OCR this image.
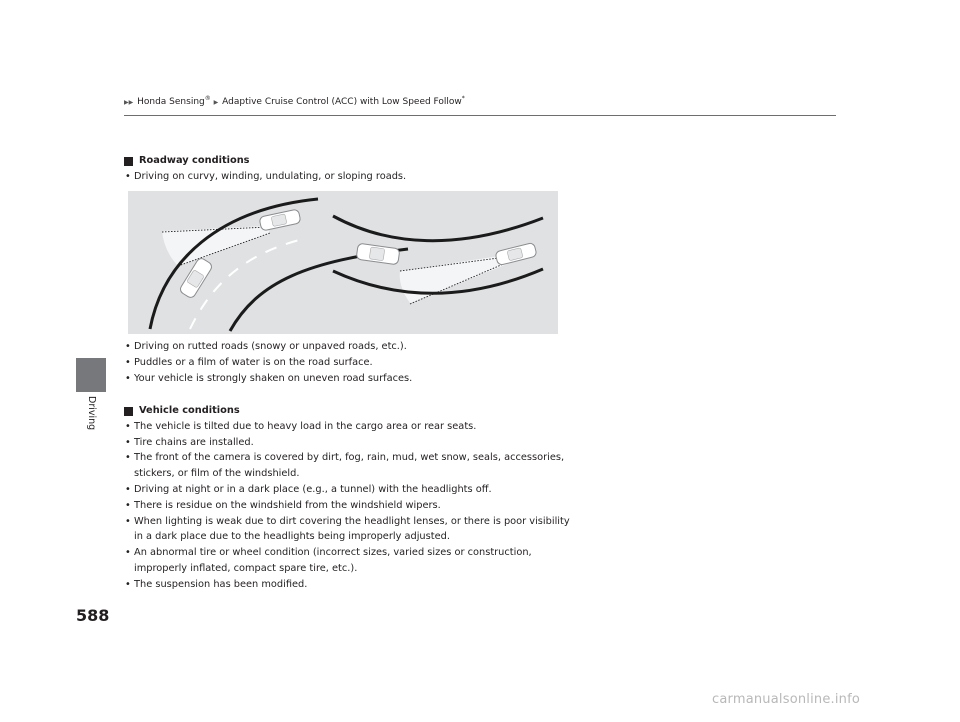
▶▶ Honda Sensing® ▶ Adaptive Cruise Control (ACC) with Low Speed Follow*
Driving

Roadway conditions

• Driving on curvy, winding, undulating, or sloping roads.
• Driving on rutted roads (snowy or unpaved roads, etc.).
• Puddles or a film of water is on the road surface.
• Your vehicle is strongly shaken on uneven road surfaces.

Vehicle conditions

• The vehicle is tilted due to heavy load in the cargo area or rear seats.
• Tire chains are installed.
• The front of the camera is covered by dirt, fog, rain, mud, wet snow, seals, accessories, stickers, or film of the windshield.
• Driving at night or in a dark place (e.g., a tunnel) with the headlights off.
• There is residue on the windshield from the windshield wipers.
• When lighting is weak due to dirt covering the headlight lenses, or there is poor visibility in a dark place due to the headlights being improperly adjusted.
• An abnormal tire or wheel condition (incorrect sizes, varied sizes or construction, improperly inflated, compact spare tire, etc.).
• The suspension has been modified.
588
carmanualsonline.info
